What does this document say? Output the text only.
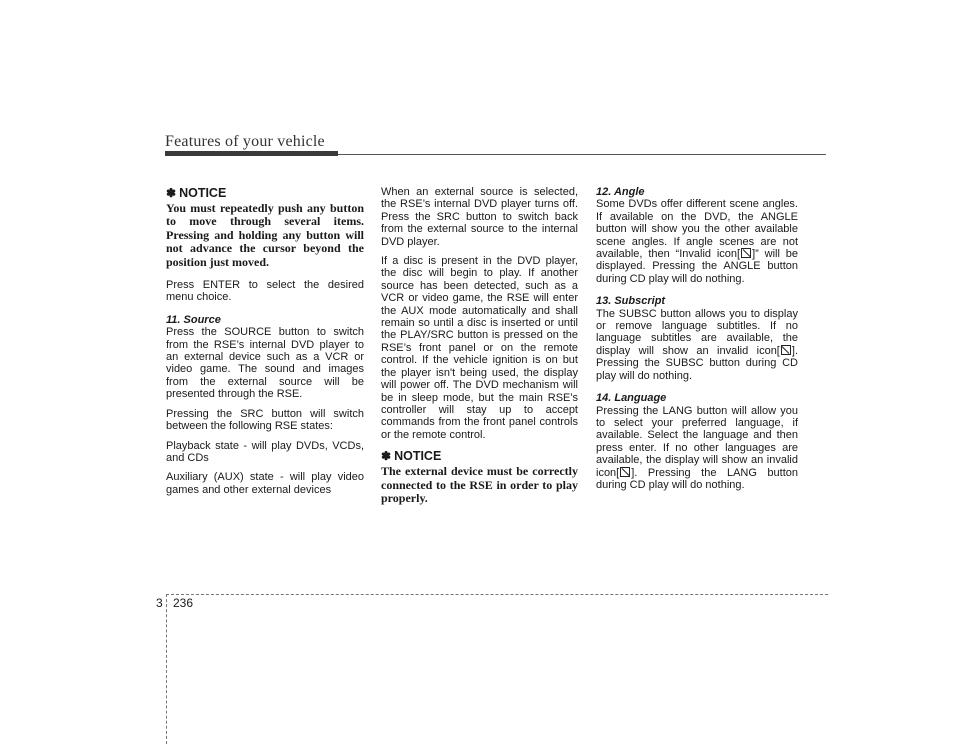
Features of your vehicle
✽ NOTICE

You must repeatedly push any button to move through several items. Pressing and holding any button will not advance the cursor beyond the position just moved.

Press ENTER to select the desired menu choice.

11. Source

Press the SOURCE button to switch from the RSE’s internal DVD player to an external device such as a VCR or video game. The sound and images from the external source will be presented through the RSE.

Pressing the SRC button will switch between the following RSE states:

Playback state - will play DVDs, VCDs, and CDs

Auxiliary (AUX) state - will play video games and other external devices

When an external source is selected, the RSE’s internal DVD player turns off. Press the SRC button to switch back from the external source to the internal DVD player.

If a disc is present in the DVD player, the disc will begin to play. If another source has been detected, such as a VCR or video game, the RSE will enter the AUX mode automatically and shall remain so until a disc is inserted or until the PLAY/SRC button is pressed on the RSE’s front panel or on the remote control. If the vehicle ignition is on but the player isn't being used, the display will power off. The DVD mechanism will be in sleep mode, but the main RSE's controller will stay up to accept commands from the front panel controls or the remote control.

✽ NOTICE

The external device must be correctly connected to the RSE in order to play properly.

12. Angle

Some DVDs offer different scene angles. If available on the DVD, the ANGLE button will show you the other available scene angles. If angle scenes are not available, then “Invalid icon[ ]” will be displayed. Pressing the ANGLE button during CD play will do nothing.

13. Subscript

The SUBSC button allows you to display or remove language subtitles. If no language subtitles are available, the display will show an invalid icon[ ]. Pressing the SUBSC button during CD play will do nothing.

14. Language

Pressing the LANG button will allow you to select your preferred language, if available. Select the language and then press enter. If no other languages are available, the display will show an invalid icon[ ]. Pressing the LANG button during CD play will do nothing.

3 236
